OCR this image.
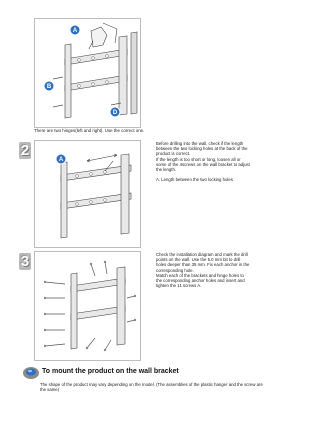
A
B
D
There are two hinges(left and right). Use the correct one.
2
A
Before drilling into the wall, check if the length
between the two locking holes at the back of the
product is correct.
If the length is too short or long, loosen all or
some of the 4screws on the wall bracket to adjust
the length.

A. Length between the two locking holes
3	Check the installation diagram and mark the drill
points on the wall. Use the 5.0 mm bit to drill
holes deeper than 35 mm. Fix each anchor in the
corresponding hole.
Match each of the brackets and hinge holes to
the corresponding anchor holes and insert and
tighten the 11 screws A.
To mount the product on the wall bracket
The shape of the product may vary depending on the model. (The assemblies of the plastic hanger and the screw are the same)
